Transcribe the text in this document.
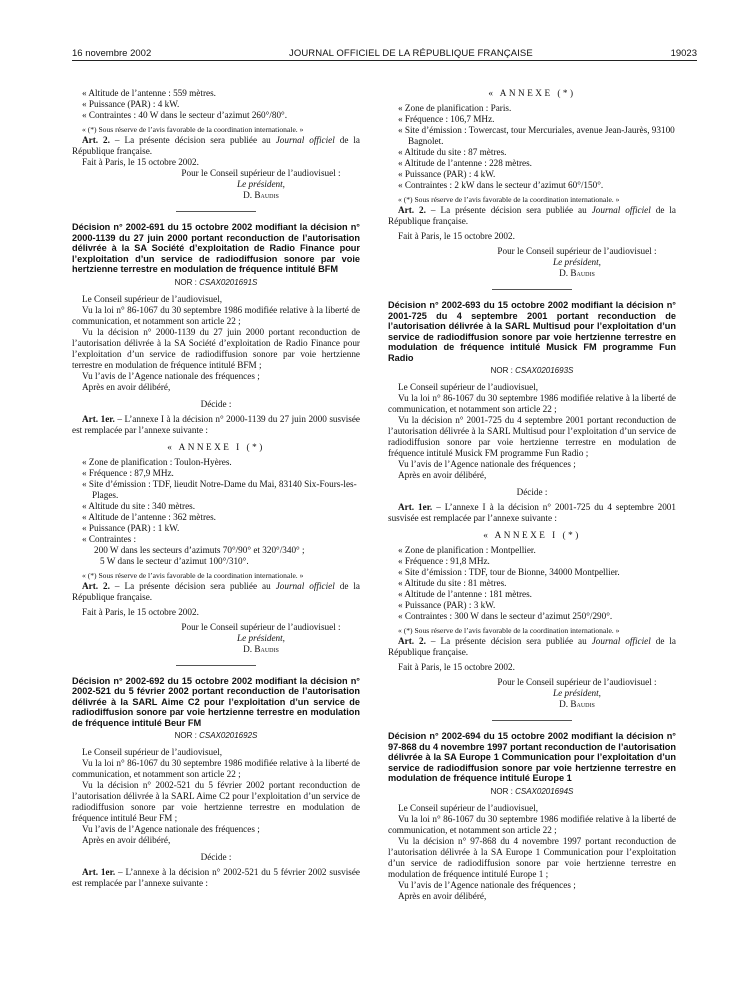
16 novembre 2002	JOURNAL OFFICIEL DE LA RÉPUBLIQUE FRANÇAISE	19023

« Altitude de l’antenne : 559 mètres.

« Puissance (PAR) : 4 kW.

« Contraintes : 40 W dans le secteur d’azimut 260°/80°.

« (*) Sous réserve de l’avis favorable de la coordination internationale. »

Art. 2. – La présente décision sera publiée au Journal officiel de la République française.

Fait à Paris, le 15 octobre 2002.

Pour le Conseil supérieur de l’audiovisuel :

Le président,

D. Baudis

Décision n° 2002-691 du 15 octobre 2002 modifiant la décision n° 2000-1139 du 27 juin 2000 portant reconduction de l’autorisation délivrée à la SA Société d’exploitation de Radio Finance pour l’exploitation d’un service de radiodiffusion sonore par voie hertzienne terrestre en modulation de fréquence intitulé BFM

NOR : CSAX0201691S

Le Conseil supérieur de l’audiovisuel,

Vu la loi n° 86-1067 du 30 septembre 1986 modifiée relative à la liberté de communication, et notamment son article 22 ;

Vu la décision n° 2000-1139 du 27 juin 2000 portant reconduction de l’autorisation délivrée à la SA Société d’exploitation de Radio Finance pour l’exploitation d’un service de radiodiffusion sonore par voie hertzienne terrestre en modulation de fréquence intitulé BFM ;

Vu l’avis de l’Agence nationale des fréquences ;

Après en avoir délibéré,

Décide :

Art. 1er. – L’annexe I à la décision n° 2000-1139 du 27 juin 2000 susvisée est remplacée par l’annexe suivante :

« ANNEXE I (*)

« Zone de planification : Toulon-Hyères.

« Fréquence : 87,9 MHz.

« Site d’émission : TDF, lieudit Notre-Dame du Mai, 83140 Six-Fours-les-Plages.

« Altitude du site : 340 mètres.

« Altitude de l’antenne : 362 mètres.

« Puissance (PAR) : 1 kW.

« Contraintes :

200 W dans les secteurs d’azimuts 70°/90° et 320°/340° ;

5 W dans le secteur d’azimut 100°/310°.

« (*) Sous réserve de l’avis favorable de la coordination internationale. »

Art. 2. – La présente décision sera publiée au Journal officiel de la République française.

Fait à Paris, le 15 octobre 2002.

Pour le Conseil supérieur de l’audiovisuel :

Le président,

D. Baudis

Décision n° 2002-692 du 15 octobre 2002 modifiant la décision n° 2002-521 du 5 février 2002 portant reconduction de l’autorisation délivrée à la SARL Aime C2 pour l’exploitation d’un service de radiodiffusion sonore par voie hertzienne terrestre en modulation de fréquence intitulé Beur FM

NOR : CSAX0201692S

Le Conseil supérieur de l’audiovisuel,

Vu la loi n° 86-1067 du 30 septembre 1986 modifiée relative à la liberté de communication, et notamment son article 22 ;

Vu la décision n° 2002-521 du 5 février 2002 portant reconduction de l’autorisation délivrée à la SARL Aime C2 pour l’exploitation d’un service de radiodiffusion sonore par voie hertzienne terrestre en modulation de fréquence intitulé Beur FM ;

Vu l’avis de l’Agence nationale des fréquences ;

Après en avoir délibéré,

Décide :

Art. 1er. – L’annexe à la décision n° 2002-521 du 5 février 2002 susvisée est remplacée par l’annexe suivante :

« ANNEXE (*)

« Zone de planification : Paris.

« Fréquence : 106,7 MHz.

« Site d’émission : Towercast, tour Mercuriales, avenue Jean-Jaurès, 93100 Bagnolet.

« Altitude du site : 87 mètres.

« Altitude de l’antenne : 228 mètres.

« Puissance (PAR) : 4 kW.

« Contraintes : 2 kW dans le secteur d’azimut 60°/150°.

« (*) Sous réserve de l’avis favorable de la coordination internationale. »

Art. 2. – La présente décision sera publiée au Journal officiel de la République française.

Fait à Paris, le 15 octobre 2002.

Pour le Conseil supérieur de l’audiovisuel :

Le président,

D. Baudis

Décision n° 2002-693 du 15 octobre 2002 modifiant la décision n° 2001-725 du 4 septembre 2001 portant reconduction de l’autorisation délivrée à la SARL Multisud pour l’exploitation d’un service de radiodiffusion sonore par voie hertzienne terrestre en modulation de fréquence intitulé Musick FM programme Fun Radio

NOR : CSAX0201693S

Le Conseil supérieur de l’audiovisuel,

Vu la loi n° 86-1067 du 30 septembre 1986 modifiée relative à la liberté de communication, et notamment son article 22 ;

Vu la décision n° 2001-725 du 4 septembre 2001 portant reconduction de l’autorisation délivrée à la SARL Multisud pour l’exploitation d’un service de radiodiffusion sonore par voie hertzienne terrestre en modulation de fréquence intitulé Musick FM programme Fun Radio ;

Vu l’avis de l’Agence nationale des fréquences ;

Après en avoir délibéré,

Décide :

Art. 1er. – L’annexe I à la décision n° 2001-725 du 4 septembre 2001 susvisée est remplacée par l’annexe suivante :

« ANNEXE I (*)

« Zone de planification : Montpellier.

« Fréquence : 91,8 MHz.

« Site d’émission : TDF, tour de Bionne, 34000 Montpellier.

« Altitude du site : 81 mètres.

« Altitude de l’antenne : 181 mètres.

« Puissance (PAR) : 3 kW.

« Contraintes : 300 W dans le secteur d’azimut 250°/290°.

« (*) Sous réserve de l’avis favorable de la coordination internationale. »

Art. 2. – La présente décision sera publiée au Journal officiel de la République française.

Fait à Paris, le 15 octobre 2002.

Pour le Conseil supérieur de l’audiovisuel :

Le président,

D. Baudis

Décision n° 2002-694 du 15 octobre 2002 modifiant la décision n° 97-868 du 4 novembre 1997 portant reconduction de l’autorisation délivrée à la SA Europe 1 Communication pour l’exploitation d’un service de radiodiffusion sonore par voie hertzienne terrestre en modulation de fréquence intitulé Europe 1

NOR : CSAX0201694S

Le Conseil supérieur de l’audiovisuel,

Vu la loi n° 86-1067 du 30 septembre 1986 modifiée relative à la liberté de communication, et notamment son article 22 ;

Vu la décision n° 97-868 du 4 novembre 1997 portant reconduction de l’autorisation délivrée à la SA Europe 1 Communication pour l’exploitation d’un service de radiodiffusion sonore par voie hertzienne terrestre en modulation de fréquence intitulé Europe 1 ;

Vu l’avis de l’Agence nationale des fréquences ;

Après en avoir délibéré,
